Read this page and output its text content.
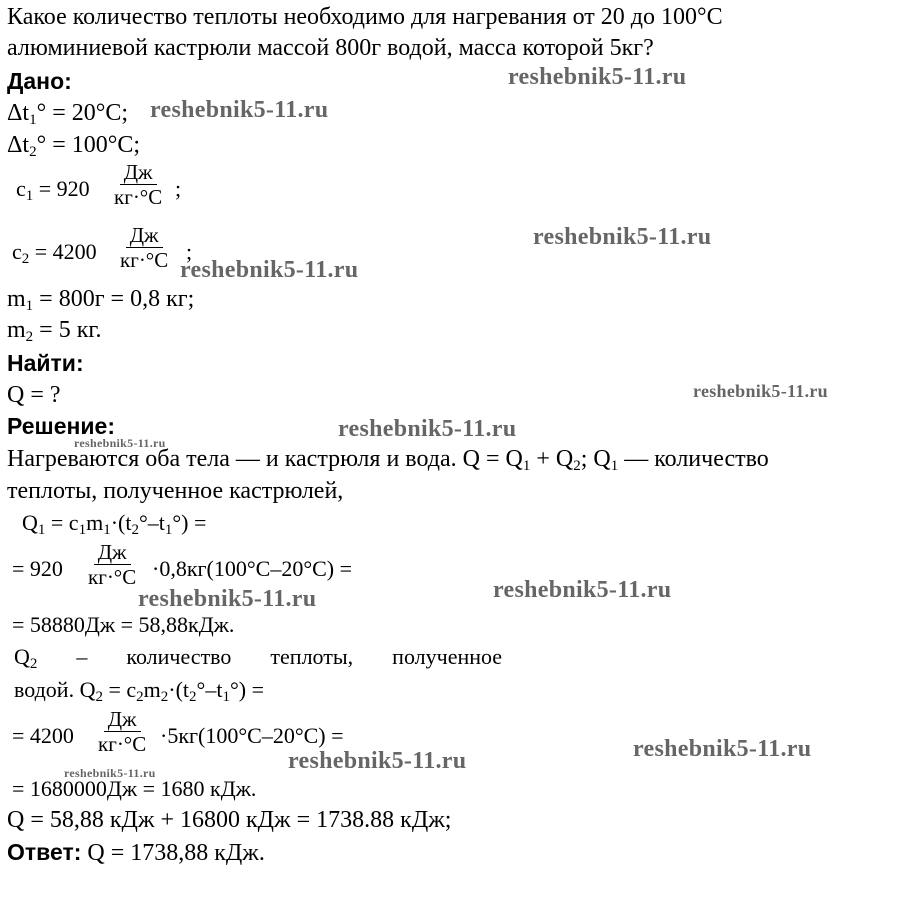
Какое количество теплоты необходимо для нагревания от 20 до 100°С
алюминиевой кастрюли массой 800г водой, масса которой 5кг?
Дано:
$\Delta t_1^\circ = 20^\circ С$;
$\Delta t_2^\circ = 100^\circ С$;
$c_1 = 920$
Дж
кг·°С ;
$c_2 = 4200$
Дж
кг·°С ;
$m_1 = 800г = 0,8$ кг;
$m_2 = 5$ кг.
Найти:
Q = ?
Решение:
Нагреваются оба тела — и кастрюля и вода. $Q = Q_1 + Q_2$; $Q_1$ — количество
теплоты, полученное кастрюлей,
$Q_1 = c_1m_1\cdot(t_2^\circ-t_1^\circ)$ =
= 920
Дж
кг·°С ·0,8кг(100°С–20°С) =
= 58880Дж = 58,88кДж.
$Q_2$ – количество теплоты, полученное
водой. $Q_2 = c_2m_2\cdot(t_2^\circ-t_1^\circ)$ =
= 4200
Дж
кг·°С ·5кг(100°С–20°С) =
= 1680000Дж = 1680 кДж.
Q = 58,88 кДж + 16800 кДж = 1738.88 кДж;
Ответ: Q = 1738,88 кДж.
reshebnik5-11.ru
reshebnik5-11.ru
reshebnik5-11.ru
reshebnik5-11.ru
reshebnik5-11.ru
reshebnik5-11.ru
reshebnik5-11.ru
reshebnik5-11.ru
reshebnik5-11.ru
reshebnik5-11.ru
reshebnik5-11.ru
reshebnik5-11.ru
